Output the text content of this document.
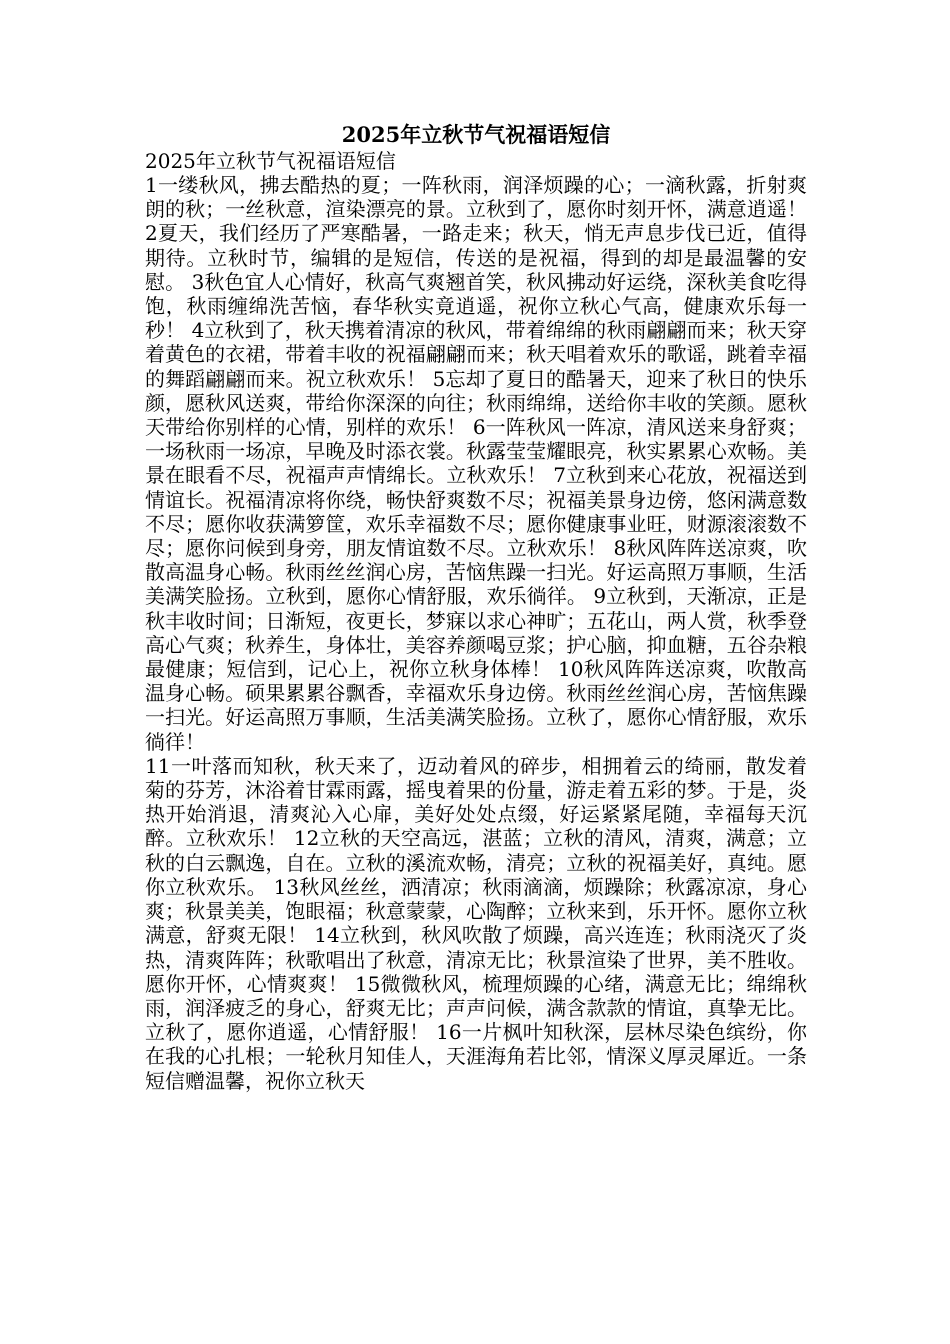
2025年立秋节气祝福语短信

2025年立秋节气祝福语短信

1一缕秋风，拂去酷热的夏；一阵秋雨，润泽烦躁的心；一滴秋露，折射爽朗的秋；一丝秋意，渲染漂亮的景。立秋到了，愿你时刻开怀，满意逍遥！ 2夏天，我们经历了严寒酷暑，一路走来；秋天，悄无声息步伐已近，值得期待。立秋时节，编辑的是短信，传送的是祝福，得到的却是最温馨的安慰。 3秋色宜人心情好，秋高气爽翘首笑，秋风拂动好运绕，深秋美食吃得饱，秋雨缠绵洗苦恼，春华秋实竟逍遥，祝你立秋心气高，健康欢乐每一秒！ 4立秋到了，秋天携着清凉的秋风，带着绵绵的秋雨翩翩而来；秋天穿着黄色的衣裙，带着丰收的祝福翩翩而来；秋天唱着欢乐的歌谣，跳着幸福的舞蹈翩翩而来。祝立秋欢乐！ 5忘却了夏日的酷暑天，迎来了秋日的快乐颜，愿秋风送爽，带给你深深的向往；秋雨绵绵，送给你丰收的笑颜。愿秋天带给你别样的心情，别样的欢乐！ 6一阵秋风一阵凉，清风送来身舒爽；一场秋雨一场凉，早晚及时添衣裳。秋露莹莹耀眼亮，秋实累累心欢畅。美景在眼看不尽，祝福声声情绵长。立秋欢乐！ 7立秋到来心花放，祝福送到情谊长。祝福清凉将你绕，畅快舒爽数不尽；祝福美景身边傍，悠闲满意数不尽；愿你收获满箩筐，欢乐幸福数不尽；愿你健康事业旺，财源滚滚数不尽；愿你问候到身旁，朋友情谊数不尽。立秋欢乐！ 8秋风阵阵送凉爽，吹散高温身心畅。秋雨丝丝润心房，苦恼焦躁一扫光。好运高照万事顺，生活美满笑脸扬。立秋到，愿你心情舒服，欢乐徜徉。 9立秋到，天渐凉，正是秋丰收时间；日渐短，夜更长，梦寐以求心神旷；五花山，两人赏，秋季登高心气爽；秋养生，身体壮，美容养颜喝豆浆；护心脑，抑血糖，五谷杂粮最健康；短信到，记心上，祝你立秋身体棒！ 10秋风阵阵送凉爽，吹散高温身心畅。硕果累累谷飘香，幸福欢乐身边傍。秋雨丝丝润心房，苦恼焦躁一扫光。好运高照万事顺，生活美满笑脸扬。立秋了，愿你心情舒服，欢乐徜徉！

11一叶落而知秋，秋天来了，迈动着风的碎步，相拥着云的绮丽，散发着菊的芬芳，沐浴着甘霖雨露，摇曳着果的份量，游走着五彩的梦。于是，炎热开始消退，清爽沁入心扉，美好处处点缀，好运紧紧尾随，幸福每天沉醉。立秋欢乐！ 12立秋的天空高远，湛蓝；立秋的清风，清爽，满意；立秋的白云飘逸，自在。立秋的溪流欢畅，清亮；立秋的祝福美好，真纯。愿你立秋欢乐。 13秋风丝丝，洒清凉；秋雨滴滴，烦躁除；秋露凉凉，身心爽；秋景美美，饱眼福；秋意蒙蒙，心陶醉；立秋来到，乐开怀。愿你立秋满意，舒爽无限！ 14立秋到，秋风吹散了烦躁，高兴连连；秋雨浇灭了炎热，清爽阵阵；秋歌唱出了秋意，清凉无比；秋景渲染了世界，美不胜收。愿你开怀，心情爽爽！ 15微微秋风，梳理烦躁的心绪，满意无比；绵绵秋雨，润泽疲乏的身心，舒爽无比；声声问候，满含款款的情谊，真挚无比。立秋了，愿你逍遥，心情舒服！ 16一片枫叶知秋深，层林尽染色缤纷，你在我的心扎根；一轮秋月知佳人，天涯海角若比邻，情深义厚灵犀近。一条短信赠温馨，祝你立秋天
